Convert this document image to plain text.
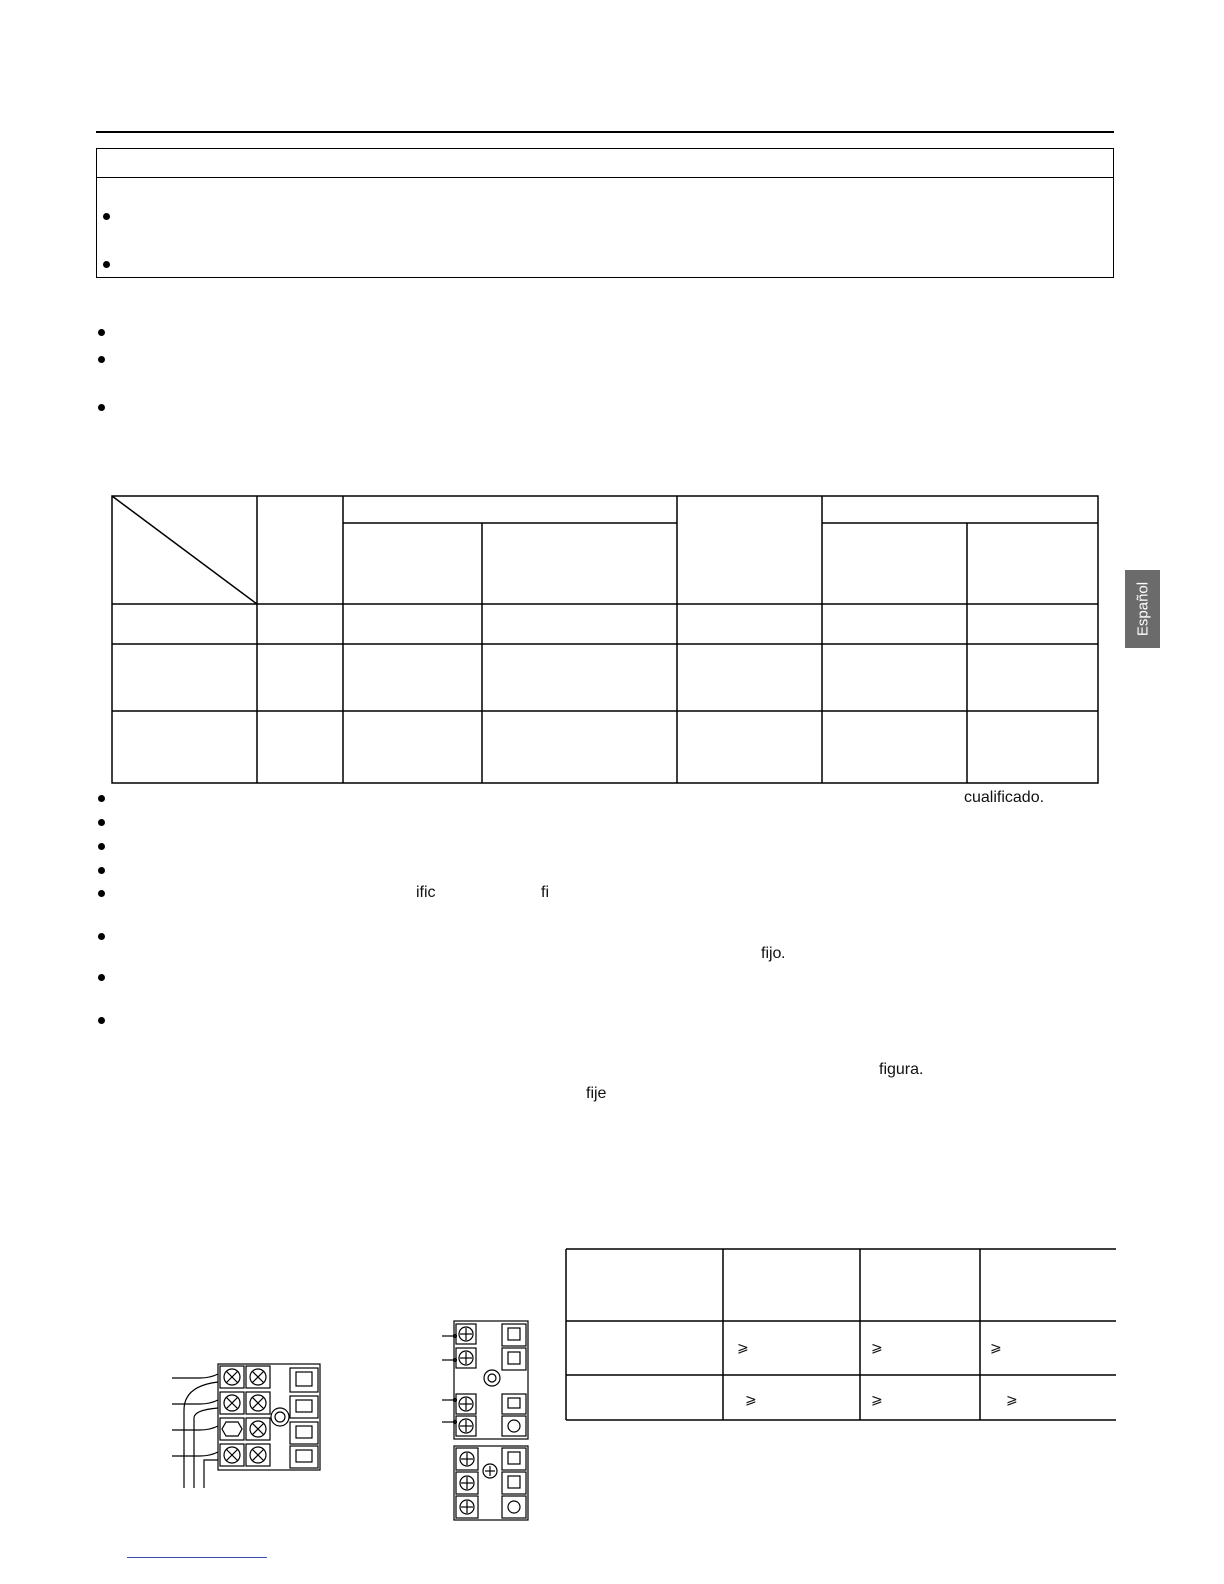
cualificado.
ific	fi
fijo .
figura.
fije
Español
⩾	⩾	⩾
⩾	⩾	⩾
